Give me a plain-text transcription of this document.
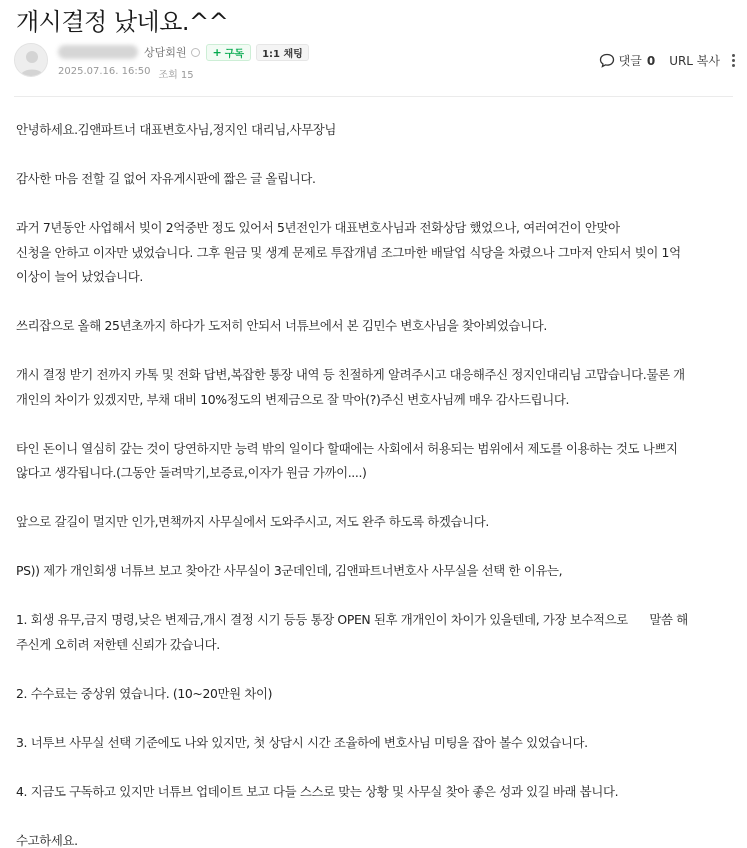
개시결정 났네요.^^
상담회원 + 구독	1:1 채팅
2025.07.16. 16:50 조회 15
댓글 0 URL 복사

안녕하세요.김앤파트너 대표변호사님,정지인 대리님,사무장님

감사한 마음 전할 길 없어 자유게시판에 짧은 글 올립니다.

과거 7년동안 사업해서 빚이 2억중반 정도 있어서 5년전인가 대표변호사님과 전화상담 했었으나, 여러여건이 안맞아

신청을 안하고 이자만 냈었습니다. 그후 원금 및 생계 문제로 투잡개념 조그마한 배달업 식당을 차렸으나 그마저 안되서 빚이 1억

이상이 늘어 났었습니다.

쓰리잡으로 올해 25년초까지 하다가 도저히 안되서 너튜브에서 본 김민수 변호사님을 찾아뵈었습니다.

개시 결정 받기 전까지 카톡 및 전화 답변,복잡한 통장 내역 등 친절하게 알려주시고 대응해주신 정지인대리님 고맙습니다.물론 개

개인의 차이가 있겠지만, 부채 대비 10%정도의 변제금으로 잘 막아(?)주신 변호사님께 매우 감사드립니다.

타인 돈이니 열심히 갚는 것이 당연하지만 능력 밖의 일이다 할때에는 사회에서 허용되는 범위에서 제도를 이용하는 것도 나쁘지

않다고 생각됩니다.(그동안 돌려막기,보증료,이자가 원금 가까이....)

앞으로 갈길이 멀지만 인가,면책까지 사무실에서 도와주시고, 저도 완주 하도록 하겠습니다.

PS)) 제가 개인회생 너튜브 보고 찾아간 사무실이 3군데인데, 김앤파트너변호사 사무실을 선택 한 이유는,

1. 회생 유무,금지 명령,낮은 변제금,개시 결정 시기 등등 통장 OPEN 된후 개개인이 차이가 있을텐데, 가장 보수적으로      말씀 해

주신게 오히려 저한텐 신뢰가 갔습니다.

2. 수수료는 중상위 였습니다. (10~20만원 차이)

3. 너투브 사무실 선택 기준에도 나와 있지만, 첫 상담시 시간 조율하에 변호사님 미팅을 잡아 볼수 있었습니다.

4. 지금도 구독하고 있지만 너튜브 업데이트 보고 다들 스스로 맞는 상황 및 사무실 찾아 좋은 성과 있길 바래 봅니다.

수고하세요.
